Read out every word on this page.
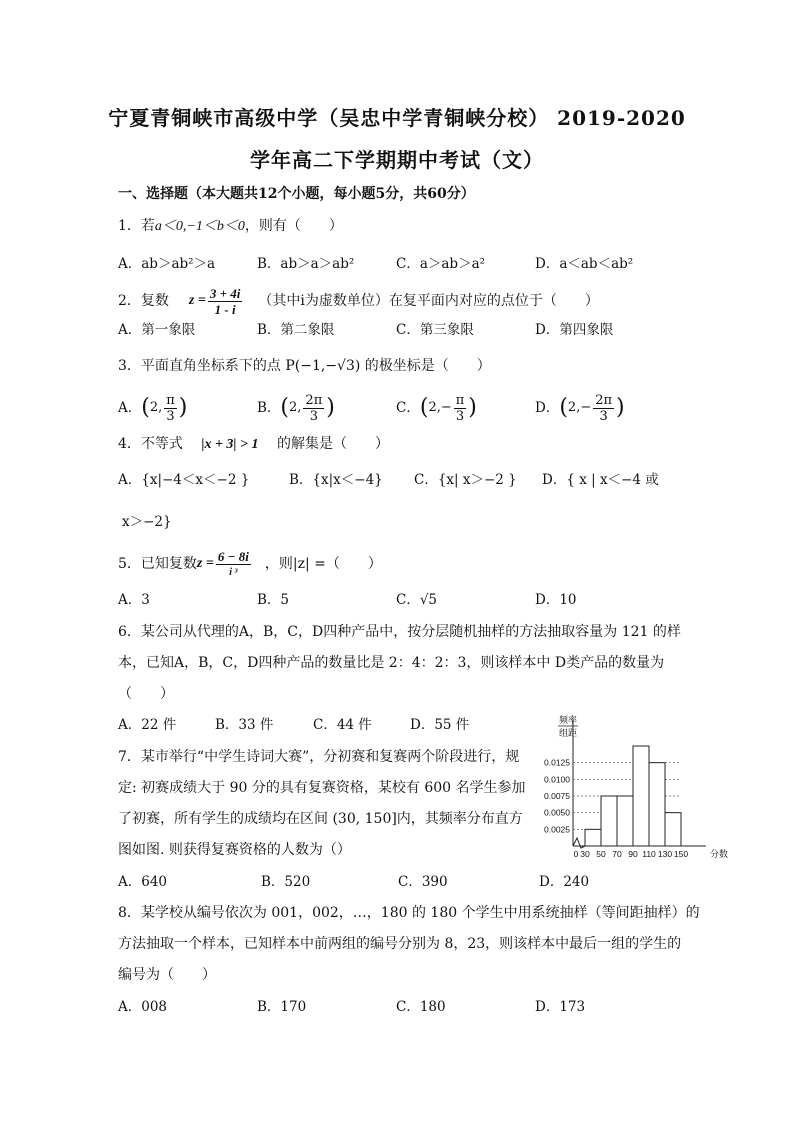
宁夏青铜峡市高级中学（吴忠中学青铜峡分校） 2019-2020
学年高二下学期期中考试（文）
一、选择题（本大题共12个小题，每小题5分，共60分）
1．若a＜0,−1＜b＜0，则有（　　）
A．ab＞ab²＞a	B．ab＞a＞ab²	C．a＞ab＞a²	D．a＜ab＜ab²
2．复数 $z = \frac{3 + 4i}{1 - i}$ （其中i为虚数单位）在复平面内对应的点位于（　　）
A．第一象限	B．第二象限	C．第三象限	D．第四象限
3．平面直角坐标系下的点 P(−1,−√3) 的极坐标是（　　）
A． ( 2, $\frac{\pi}{3}$ )	B． ( 2, $\frac{2\pi}{3}$ )	C． ( $2,- \frac{\pi}{3}$ )	D． ( $2,- \frac{2\pi}{3}$ )
4．不等式 |x + 3| > 1 的解集是（　　）
A．{x|−4＜x＜−2 }	B．{x|x＜−4} C．{x| x＞−2 } D．{ x | x＜−4 或
x＞−2}
5．已知复数 $z = \frac{6 - 8i}{\text{i ³}}$ ，则|z| =（　　）
A．3	B．5	C．√5	D．10
6．某公司从代理的A，B，C，D四种产品中，按分层随机抽样的方法抽取容量为 121 的样
本，已知A，B，C，D四种产品的数量比是 2：4：2：3，则该样本中 D类产品的数量为
（　　）
A．22 件	B．33 件	C．44 件	D．55 件
7．某市举行“中学生诗词大赛”，分初赛和复赛两个阶段进行，规
定: 初赛成绩大于 90 分的具有复赛资格，某校有 600 名学生参加
了初赛，所有学生的成绩均在区间 (30, 150]内，其频率分布直方
图如图. 则获得复赛资格的人数为（）
A．640	B．520	C．390	D．240
0.0025
0.0050
0.0075
0.0100
0.0125
0 30 50 70 90 110 130 150 分数
频率
组距
8．某学校从编号依次为 001，002，…，180 的 180 个学生中用系统抽样（等间距抽样）的
方法抽取一个样本，已知样本中前两组的编号分别为 8，23，则该样本中最后一组的学生的
编号为（　　）
A．008	B．170	C．180	D．173
